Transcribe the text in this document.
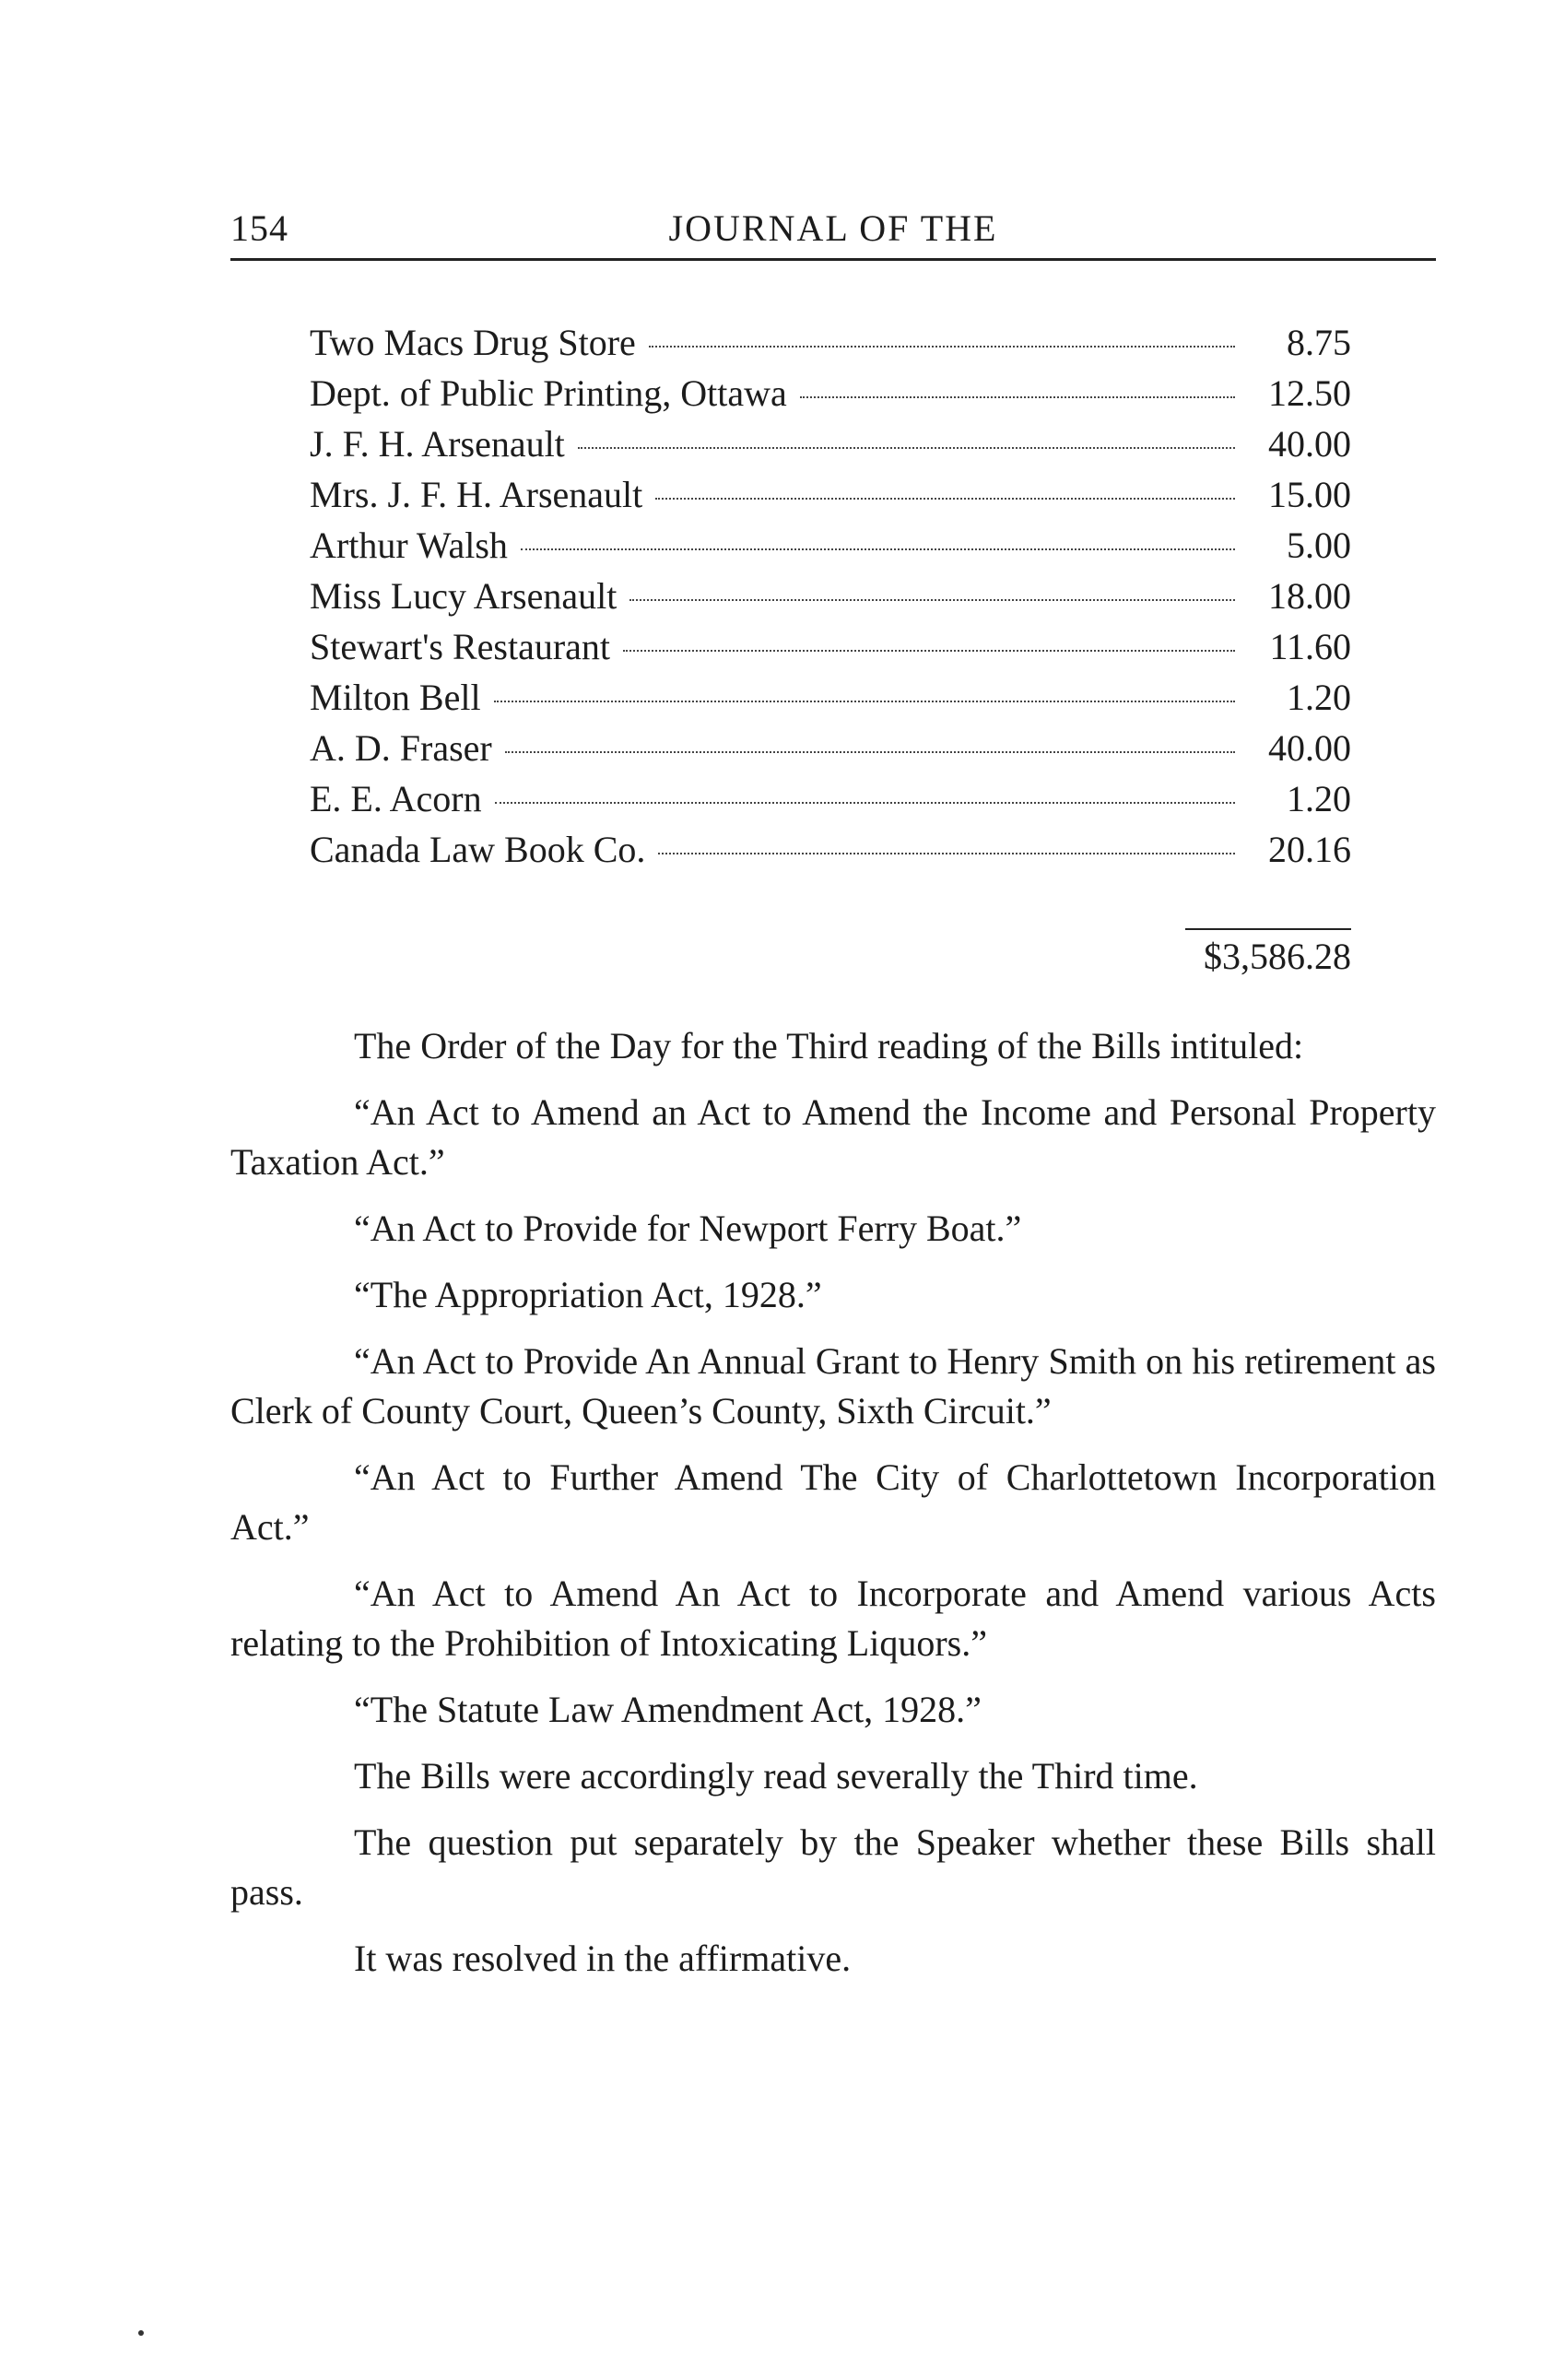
154	JOURNAL OF THE
Two Macs Drug Store	8.75
Dept. of Public Printing, Ottawa	12.50
J. F. H. Arsenault	40.00
Mrs. J. F. H. Arsenault	15.00
Arthur Walsh	5.00
Miss Lucy Arsenault	18.00
Stewart's Restaurant	11.60
Milton Bell	1.20
A. D. Fraser	40.00
E. E. Acorn	1.20
Canada Law Book Co.	20.16
$3,586.28

The Order of the Day for the Third reading of the Bills intituled:

“An Act to Amend an Act to Amend the Income and Personal Property Taxation Act.”

“An Act to Provide for Newport Ferry Boat.”

“The Appropriation Act, 1928.”

“An Act to Provide An Annual Grant to Henry Smith on his retirement as Clerk of County Court, Queen’s County, Sixth Circuit.”

“An Act to Further Amend The City of Charlottetown Incorporation Act.”

“An Act to Amend An Act to Incorporate and Amend various Acts relating to the Prohibition of Intoxicating Liquors.”

“The Statute Law Amendment Act, 1928.”

The Bills were accordingly read severally the Third time.

The question put separately by the Speaker whether these Bills shall pass.

It was resolved in the affirmative.
